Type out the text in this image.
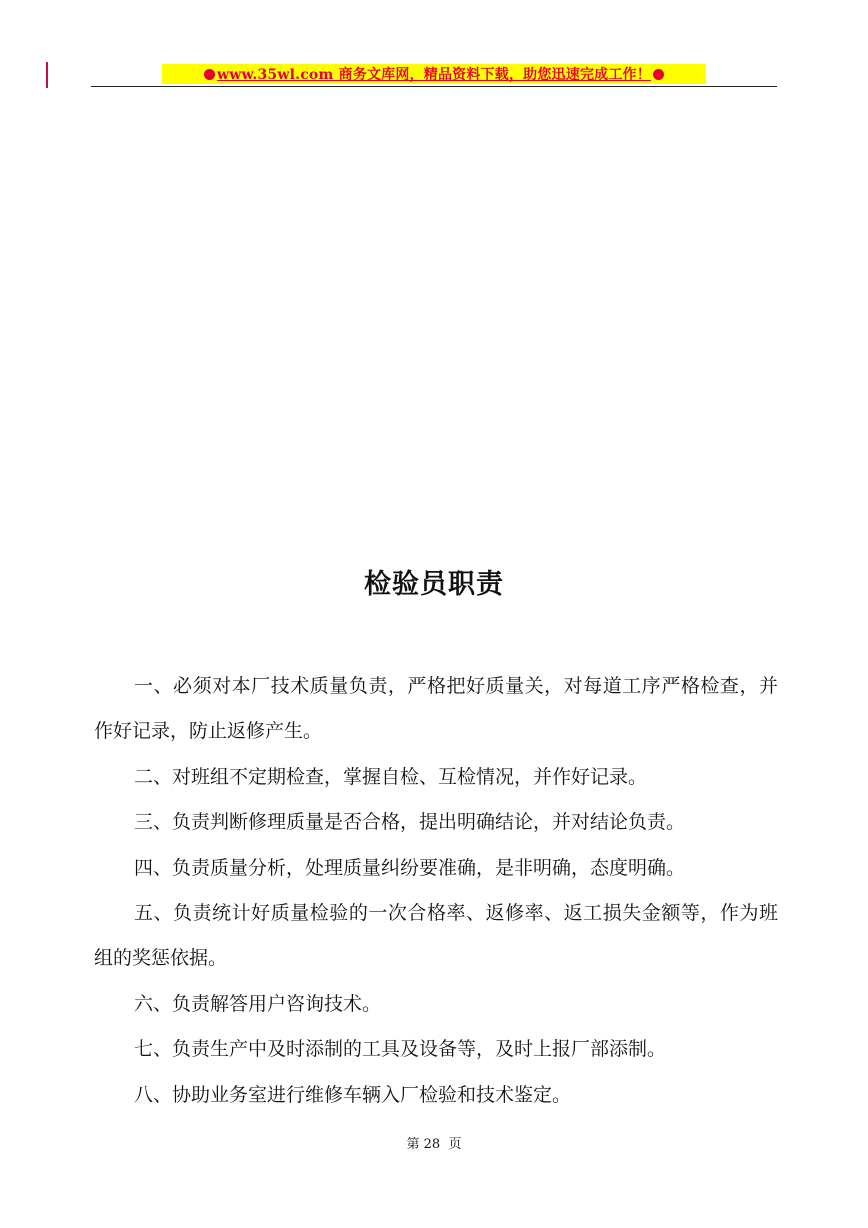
www.35wl.com 商务文库网，精品资料下载，助您迅速完成工作！
检验员职责

一、必须对本厂技术质量负责，严格把好质量关，对每道工序严格检查，并作好记录，防止返修产生。

二、对班组不定期检查，掌握自检、互检情况，并作好记录。

三、负责判断修理质量是否合格，提出明确结论，并对结论负责。

四、负责质量分析，处理质量纠纷要准确，是非明确，态度明确。

五、负责统计好质量检验的一次合格率、返修率、返工损失金额等，作为班组的奖惩依据。

六、负责解答用户咨询技术。

七、负责生产中及时添制的工具及设备等，及时上报厂部添制。

八、协助业务室进行维修车辆入厂检验和技术鉴定。

第 28  页
